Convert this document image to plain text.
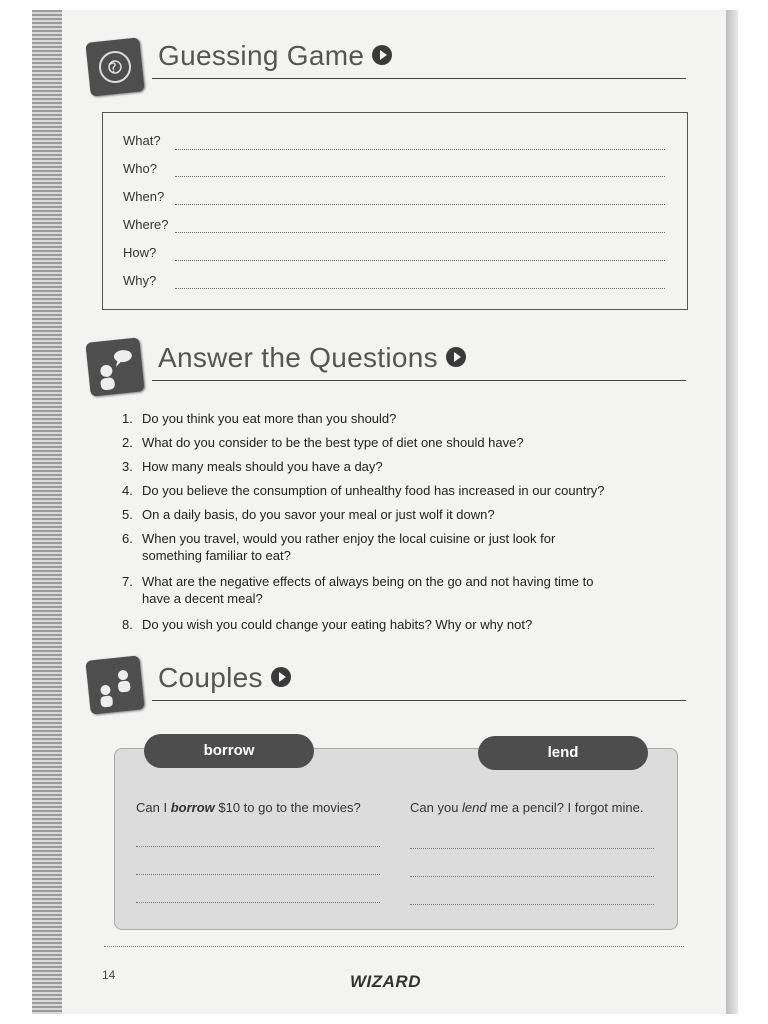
? Guessing Game
What?
Who?
When?
Where?
How?
Why?
Answer the Questions
1. Do you think you eat more than you should?
2. What do you consider to be the best type of diet one should have?
3. How many meals should you have a day?
4. Do you believe the consumption of unhealthy food has increased in our country?
5. On a daily basis, do you savor your meal or just wolf it down?
6. When you travel, would you rather enjoy the local cuisine or just look for
something familiar to eat?
7. What are the negative effects of always being on the go and not having time to
have a decent meal?
8. Do you wish you could change your eating habits? Why or why not?
Couples
borrow	lend
Can I borrow $10 to go to the movies?	Can you lend me a pencil? I forgot mine.
14	WIZARD
